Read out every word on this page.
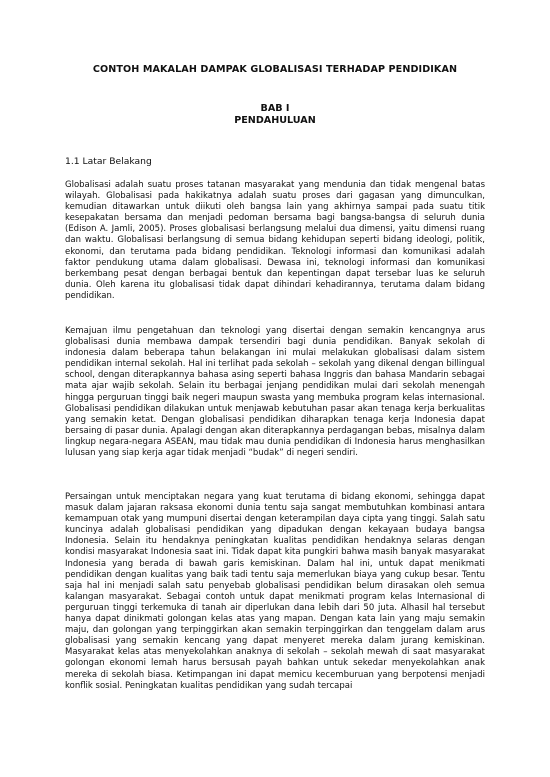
CONTOH MAKALAH DAMPAK GLOBALISASI TERHADAP PENDIDIKAN
BAB I
PENDAHULUAN
1.1 Latar Belakang

Globalisasi adalah suatu proses tatanan masyarakat yang mendunia dan tidak mengenal batas wilayah. Globalisasi pada hakikatnya adalah suatu proses dari gagasan yang dimunculkan, kemudian ditawarkan untuk diikuti oleh bangsa lain yang akhirnya sampai pada suatu titik kesepakatan bersama dan menjadi pedoman bersama bagi bangsa-bangsa di seluruh dunia (Edison A. Jamli, 2005). Proses globalisasi berlangsung melalui dua dimensi, yaitu dimensi ruang dan waktu. Globalisasi berlangsung di semua bidang kehidupan seperti bidang ideologi, politik, ekonomi, dan terutama pada bidang pendidikan. Teknologi informasi dan komunikasi adalah faktor pendukung utama dalam globalisasi. Dewasa ini, teknologi informasi dan komunikasi berkembang pesat dengan berbagai bentuk dan kepentingan dapat tersebar luas ke seluruh dunia. Oleh karena itu globalisasi tidak dapat dihindari kehadirannya, terutama dalam bidang pendidikan.

Kemajuan ilmu pengetahuan dan teknologi yang disertai dengan semakin kencangnya arus globalisasi dunia membawa dampak tersendiri bagi dunia pendidikan. Banyak sekolah di indonesia dalam beberapa tahun belakangan ini mulai melakukan globalisasi dalam sistem pendidikan internal sekolah. Hal ini terlihat pada sekolah – sekolah yang dikenal dengan billingual school, dengan diterapkannya bahasa asing seperti bahasa Inggris dan bahasa Mandarin sebagai mata ajar wajib sekolah. Selain itu berbagai jenjang pendidikan mulai dari sekolah menengah hingga perguruan tinggi baik negeri maupun swasta yang membuka program kelas internasional. Globalisasi pendidikan dilakukan untuk menjawab kebutuhan pasar akan tenaga kerja berkualitas yang semakin ketat. Dengan globalisasi pendidikan diharapkan tenaga kerja Indonesia dapat bersaing di pasar dunia. Apalagi dengan akan diterapkannya perdagangan bebas, misalnya dalam lingkup negara-negara ASEAN, mau tidak mau dunia pendidikan di Indonesia harus menghasilkan lulusan yang siap kerja agar tidak menjadi “budak” di negeri sendiri.

Persaingan untuk menciptakan negara yang kuat terutama di bidang ekonomi, sehingga dapat masuk dalam jajaran raksasa ekonomi dunia tentu saja sangat membutuhkan kombinasi antara kemampuan otak yang mumpuni disertai dengan keterampilan daya cipta yang tinggi. Salah satu kuncinya adalah globalisasi pendidikan yang dipadukan dengan kekayaan budaya bangsa Indonesia. Selain itu hendaknya peningkatan kualitas pendidikan hendaknya selaras dengan kondisi masyarakat Indonesia saat ini. Tidak dapat kita pungkiri bahwa masih banyak masyarakat Indonesia yang berada di bawah garis kemiskinan. Dalam hal ini, untuk dapat menikmati pendidikan dengan kualitas yang baik tadi tentu saja memerlukan biaya yang cukup besar. Tentu saja hal ini menjadi salah satu penyebab globalisasi pendidikan belum dirasakan oleh semua kalangan masyarakat. Sebagai contoh untuk dapat menikmati program kelas Internasional di perguruan tinggi terkemuka di tanah air diperlukan dana lebih dari 50 juta. Alhasil hal tersebut hanya dapat dinikmati golongan kelas atas yang mapan. Dengan kata lain yang maju semakin maju, dan golongan yang terpinggirkan akan semakin terpinggirkan dan tenggelam dalam arus globalisasi yang semakin kencang yang dapat menyeret mereka dalam jurang kemiskinan. Masyarakat kelas atas menyekolahkan anaknya di sekolah – sekolah mewah di saat masyarakat golongan ekonomi lemah harus bersusah payah bahkan untuk sekedar menyekolahkan anak mereka di sekolah biasa. Ketimpangan ini dapat memicu kecemburuan yang berpotensi menjadi konflik sosial. Peningkatan kualitas pendidikan yang sudah tercapai
